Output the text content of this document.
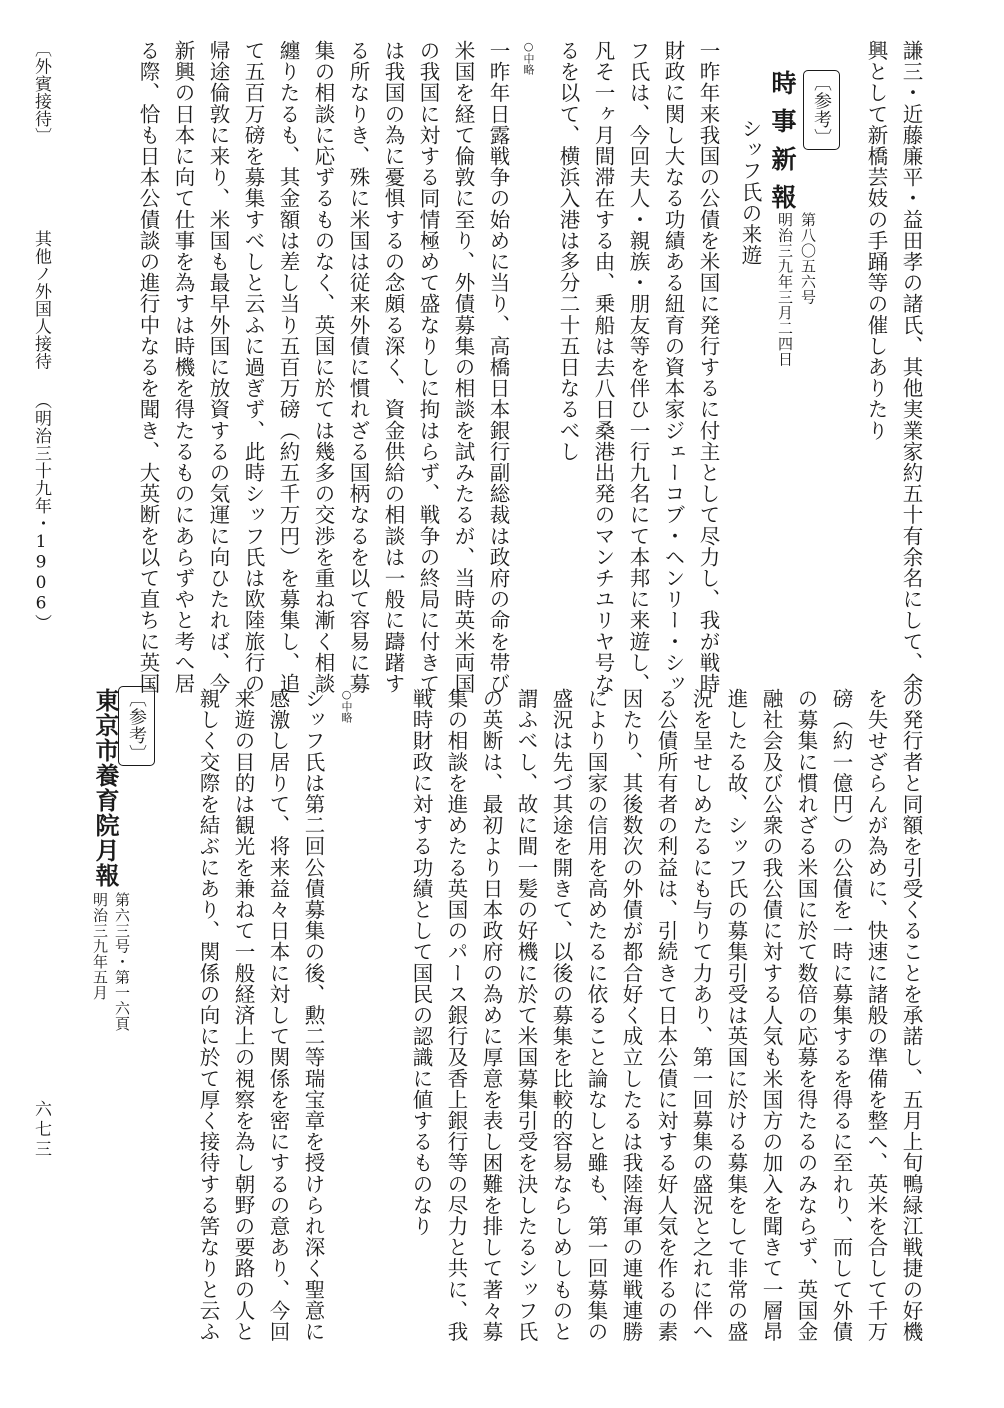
謙三・近藤廉平・益田孝の諸氏、其他実業家約五十有余名にして、余
興として新橋芸妓の手踊等の催しありたり
〔参考〕
時事新報
第八〇五六号
明治三九年三月二四日
シッフ氏の来遊
一昨年来我国の公債を米国に発行するに付主として尽力し、我が戦時
財政に関し大なる功績ある紐育の資本家ジェーコブ・ヘンリー・シッ
フ氏は、今回夫人・親族・朋友等を伴ひ一行九名にて本邦に来遊し、
凡そ一ヶ月間滞在する由、乗船は去八日桑港出発のマンチユリヤ号な
るを以て、横浜入港は多分二十五日なるべし
○中略
一昨年日露戦争の始めに当り、高橋日本銀行副総裁は政府の命を帯び
米国を経て倫敦に至り、外債募集の相談を試みたるが、当時英米両国
の我国に対する同情極めて盛なりしに拘はらず、戦争の終局に付きて
は我国の為に憂惧するの念頗る深く、資金供給の相談は一般に躊躇す
る所なりき、殊に米国は従来外債に慣れざる国柄なるを以て容易に募
集の相談に応ずるものなく、英国に於ては幾多の交渉を重ね漸く相談
纏りたるも、其金額は差し当り五百万磅（約五千万円）を募集し、追
て五百万磅を募集すべしと云ふに過ぎず、此時シッフ氏は欧陸旅行の
帰途倫敦に来り、米国も最早外国に放資するの気運に向ひたれば、今
新興の日本に向て仕事を為すは時機を得たるものにあらずやと考へ居
る際、恰も日本公債談の進行中なるを聞き、大英断を以て直ちに英国
の発行者と同額を引受くることを承諾し、五月上旬鴨緑江戦捷の好機
を失せざらんが為めに、快速に諸般の準備を整へ、英米を合して千万
磅（約一億円）の公債を一時に募集するを得るに至れり、而して外債
の募集に慣れざる米国に於て数倍の応募を得たるのみならず、英国金
融社会及び公衆の我公債に対する人気も米国方の加入を聞きて一層昂
進したる故、シッフ氏の募集引受は英国に於ける募集をして非常の盛
況を呈せしめたるにも与りて力あり、第一回募集の盛況と之れに伴へ
る公債所有者の利益は、引続きて日本公債に対する好人気を作るの素
因たり、其後数次の外債が都合好く成立したるは我陸海軍の連戦連勝
により国家の信用を高めたるに依ること論なしと雖も、第一回募集の
盛況は先づ其途を開きて、以後の募集を比較的容易ならしめしものと
謂ふべし、故に間一髪の好機に於て米国募集引受を決したるシッフ氏
の英断は、最初より日本政府の為めに厚意を表し困難を排して著々募
集の相談を進めたる英国のパース銀行及香上銀行等の尽力と共に、我
戦時財政に対する功績として国民の認識に値するものなり
○中略
シッフ氏は第二回公債募集の後、勲二等瑞宝章を授けられ深く聖意に
感激し居りて、将来益々日本に対して関係を密にするの意あり、今回
来遊の目的は観光を兼ねて一般経済上の視察を為し朝野の要路の人と
親しく交際を結ぶにあり、関係の向に於て厚く接待する筈なりと云ふ
〔参考〕
東京市養育院月報
第六三号・第一六頁
明治三九年五月
〔外賓接待〕
其他ノ外国人接待
（明治三十九年・1906）
六七三
